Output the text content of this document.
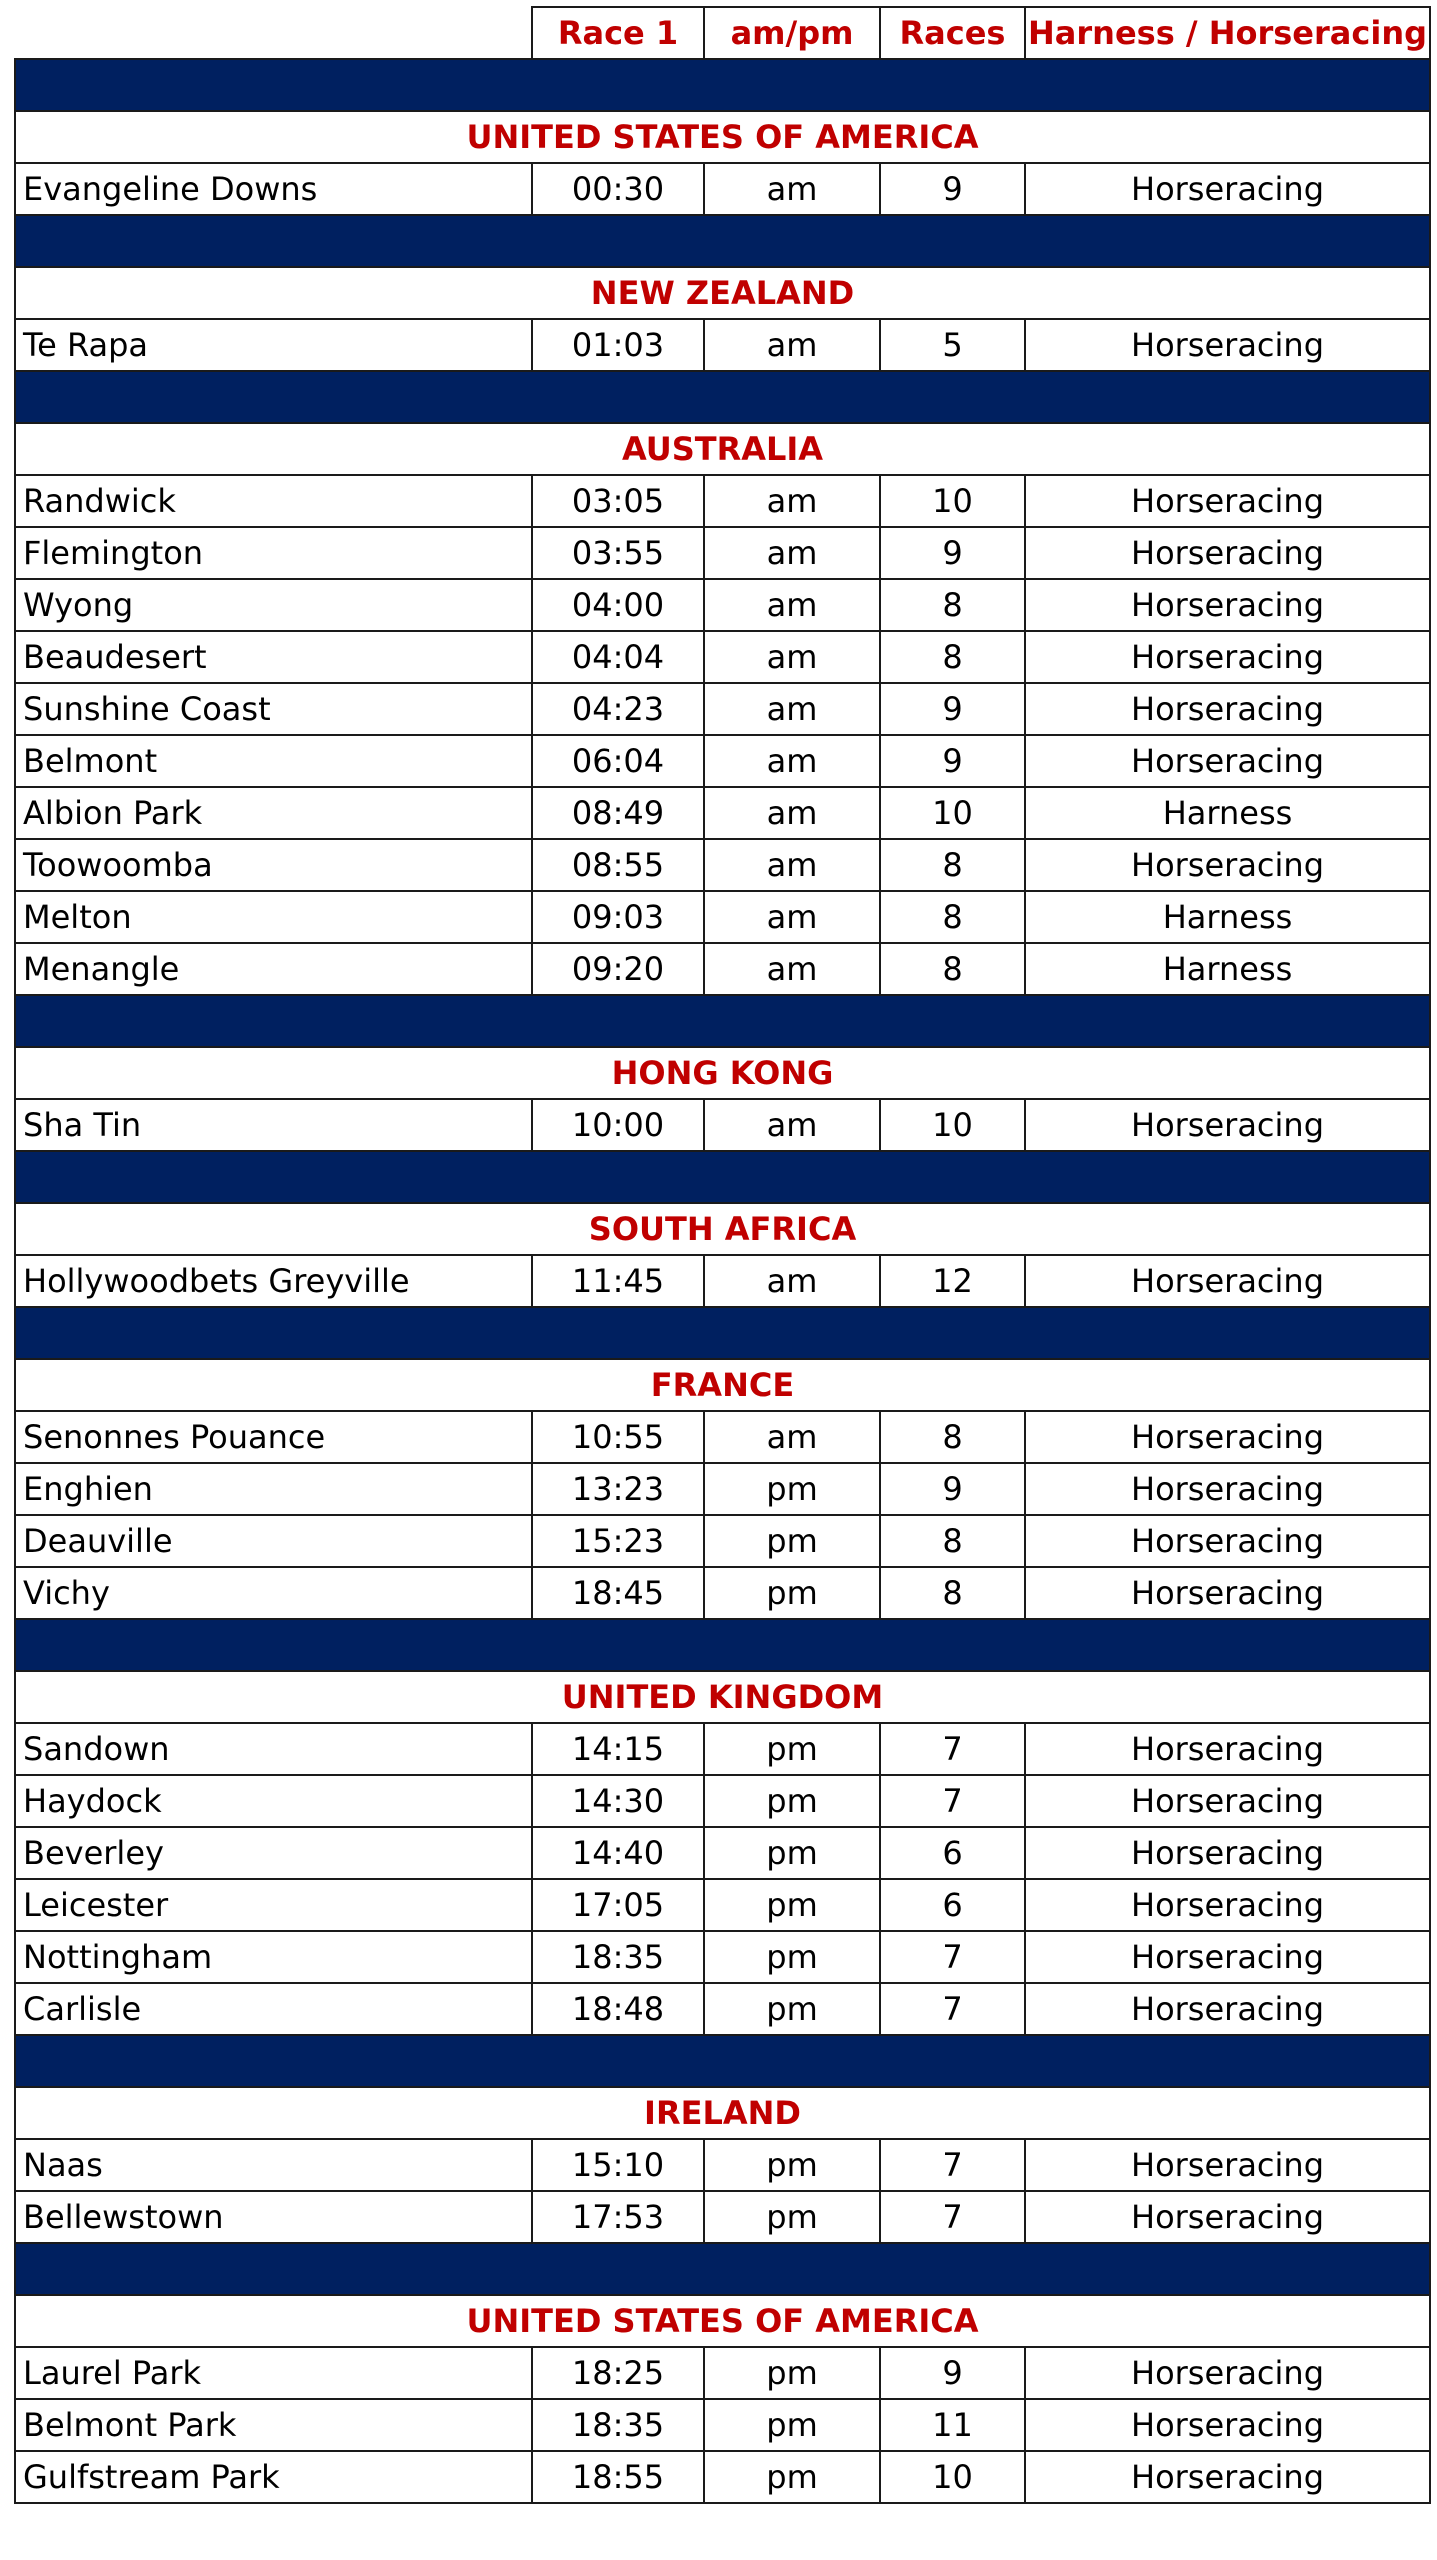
	Race 1	am/pm	Races	Harness / Horseracing

UNITED STATES OF AMERICA				
Evangeline Downs	00:30	am	9	Horseracing

NEW ZEALAND				
Te Rapa	01:03	am	5	Horseracing

AUSTRALIA				
Randwick	03:05	am	10	Horseracing
Flemington	03:55	am	9	Horseracing
Wyong	04:00	am	8	Horseracing
Beaudesert	04:04	am	8	Horseracing
Sunshine Coast	04:23	am	9	Horseracing
Belmont	06:04	am	9	Horseracing
Albion Park	08:49	am	10	Harness
Toowoomba	08:55	am	8	Horseracing
Melton	09:03	am	8	Harness
Menangle	09:20	am	8	Harness

HONG KONG				
Sha Tin	10:00	am	10	Horseracing

SOUTH AFRICA				
Hollywoodbets Greyville	11:45	am	12	Horseracing

FRANCE				
Senonnes Pouance	10:55	am	8	Horseracing
Enghien	13:23	pm	9	Horseracing
Deauville	15:23	pm	8	Horseracing
Vichy	18:45	pm	8	Horseracing

UNITED KINGDOM				
Sandown	14:15	pm	7	Horseracing
Haydock	14:30	pm	7	Horseracing
Beverley	14:40	pm	6	Horseracing
Leicester	17:05	pm	6	Horseracing
Nottingham	18:35	pm	7	Horseracing
Carlisle	18:48	pm	7	Horseracing

IRELAND				
Naas	15:10	pm	7	Horseracing
Bellewstown	17:53	pm	7	Horseracing

UNITED STATES OF AMERICA				
Laurel Park	18:25	pm	9	Horseracing
Belmont Park	18:35	pm	11	Horseracing
Gulfstream Park	18:55	pm	10	Horseracing
